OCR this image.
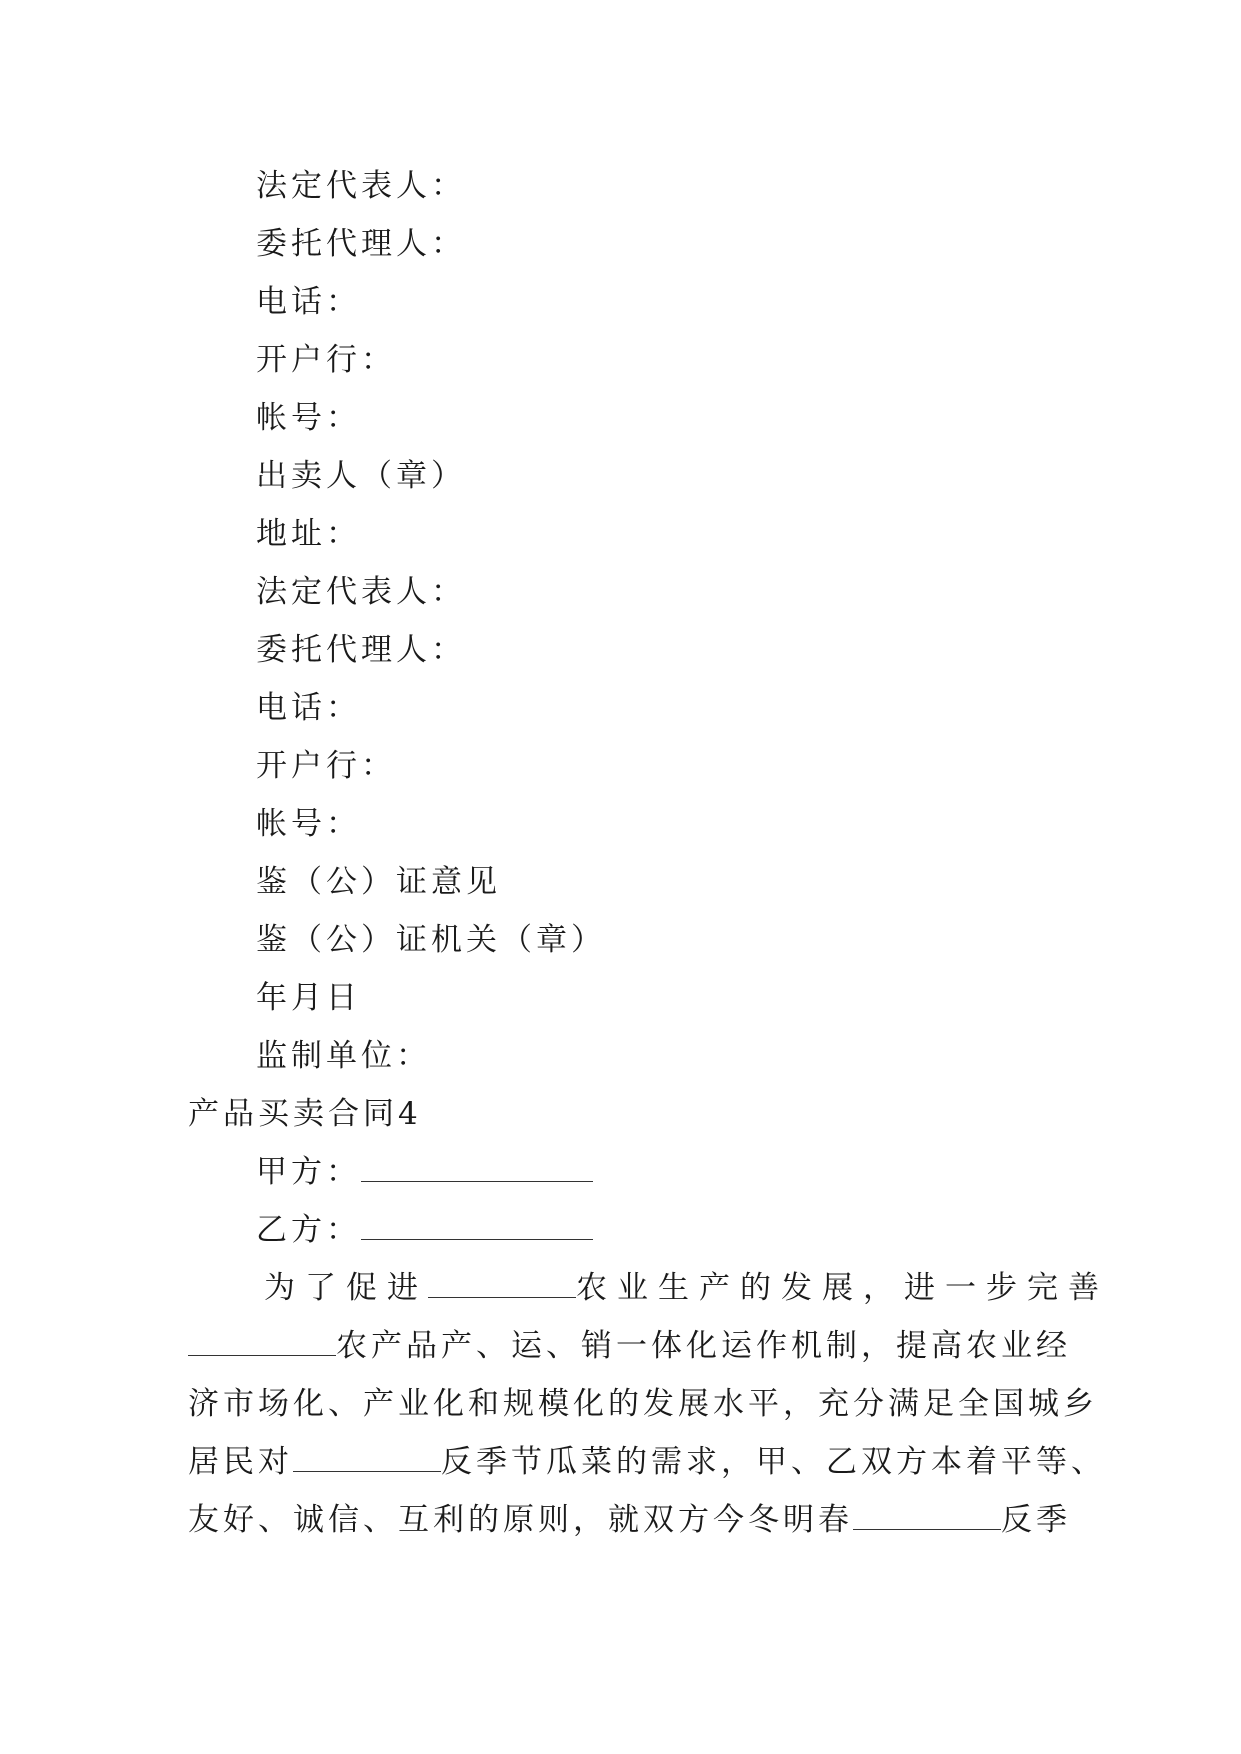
法定代表人：
委托代理人：
电话：
开户行：
帐号：
出卖人（章）
地址：
法定代表人：
委托代理人：
电话：
开户行：
帐号：
鉴（公）证意见
鉴（公）证机关（章）
年月日
监制单位：
产品买卖合同4
甲方：
乙方：
为了促进	农业生产的发展，进一步完善
农产品产、运、销一体化运作机制，提高农业经
济市场化、产业化和规模化的发展水平，充分满足全国城乡
居民对	反季节瓜菜的需求，甲、乙双方本着平等、
友好、诚信、互利的原则，就双方今冬明春	反季
